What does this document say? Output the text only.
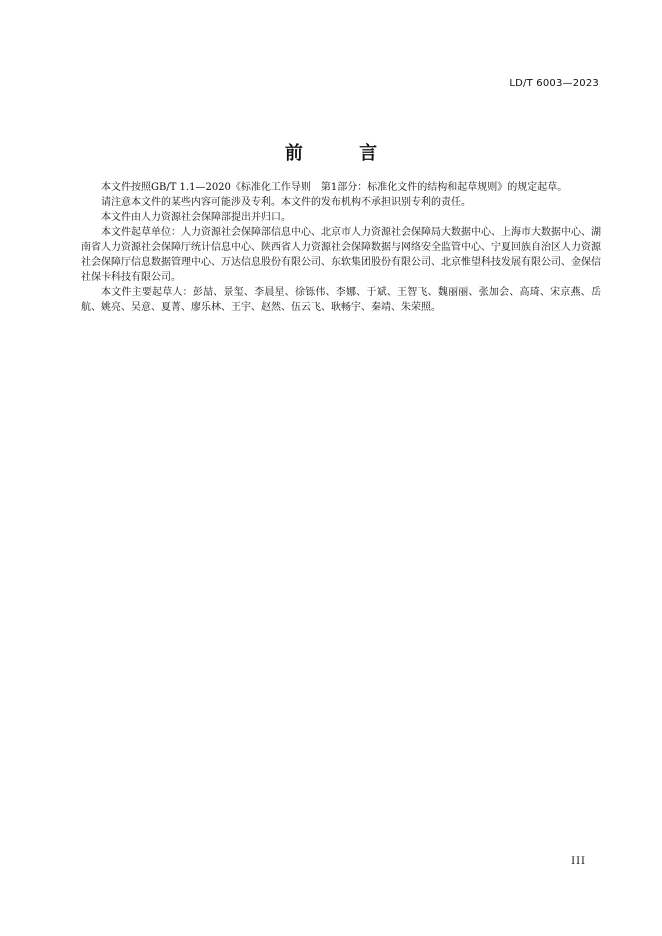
LD/T 6003—2023
前 言

本文件按照GB/T 1.1—2020《标准化工作导则　第1部分：标准化文件的结构和起草规则》的规定起草。

请注意本文件的某些内容可能涉及专利。本文件的发布机构不承担识别专利的责任。

本文件由人力资源社会保障部提出并归口。

本文件起草单位：人力资源社会保障部信息中心、北京市人力资源社会保障局大数据中心、上海市大数据中心、湖南省人力资源社会保障厅统计信息中心、陕西省人力资源社会保障数据与网络安全监管中心、宁夏回族自治区人力资源社会保障厅信息数据管理中心、万达信息股份有限公司、东软集团股份有限公司、北京惟望科技发展有限公司、金保信社保卡科技有限公司。

本文件主要起草人：彭喆、景玺、李晨星、徐铄伟、李娜、于斌、王智飞、魏丽丽、张加会、高琦、宋京燕、岳航、姚亮、吴意、夏菁、廖乐林、王宇、赵然、伍云飞、耿畅宇、秦靖、朱荣照。

III
